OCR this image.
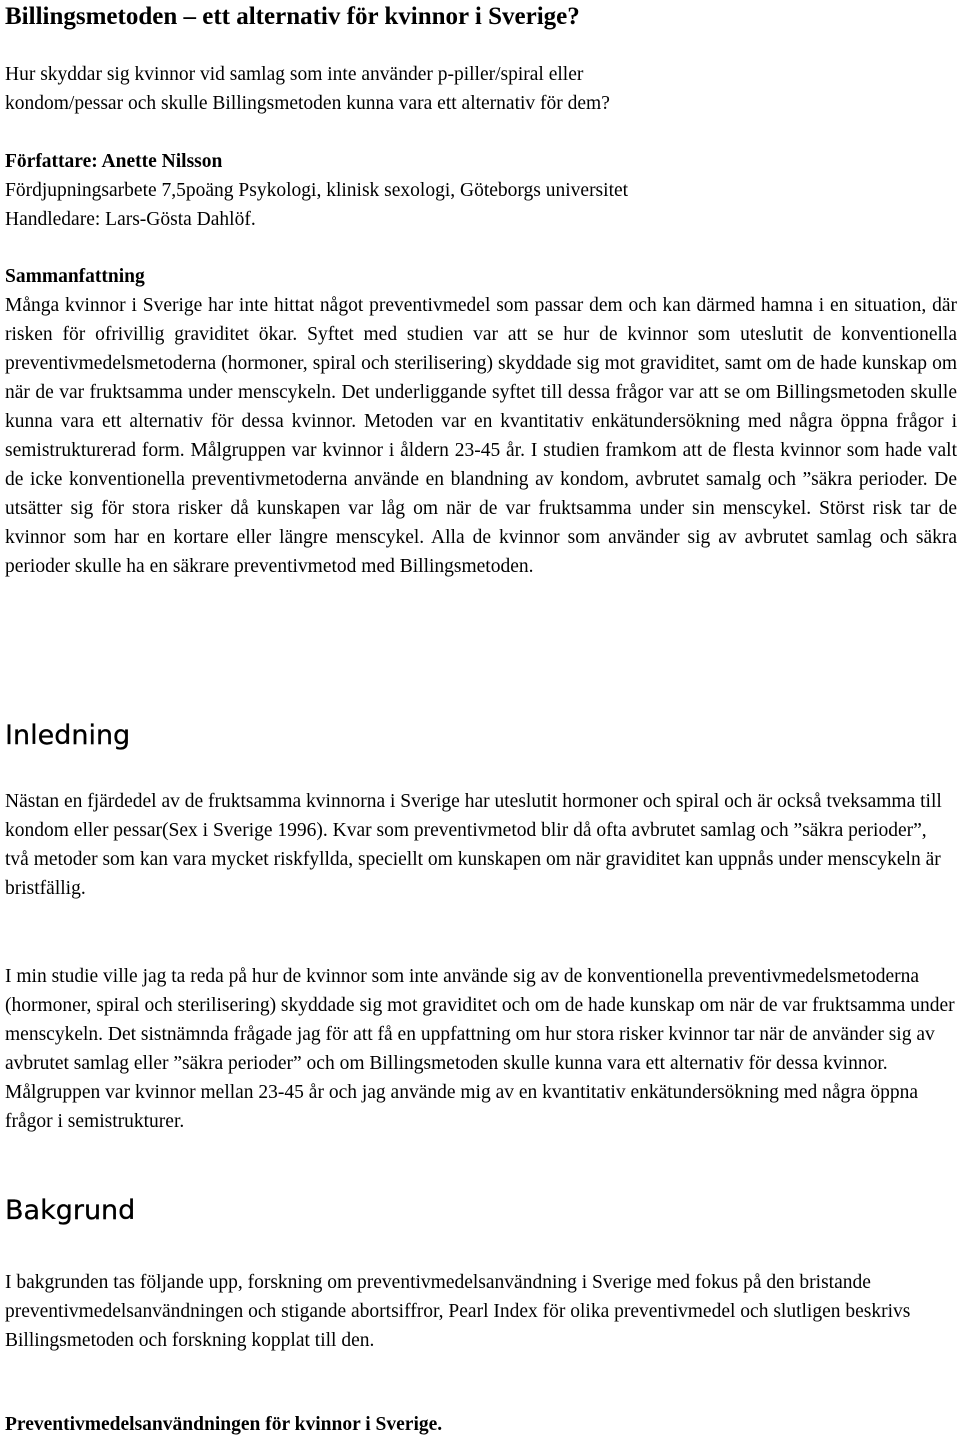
Billingsmetoden – ett alternativ för kvinnor i Sverige?
Hur skyddar sig kvinnor vid samlag som inte använder p-piller/spiral eller
kondom/pessar och skulle Billingsmetoden kunna vara ett alternativ för dem?
Författare: Anette Nilsson
Fördjupningsarbete 7,5poäng Psykologi, klinisk sexologi, Göteborgs universitet
Handledare: Lars-Gösta Dahlöf.
Sammanfattning
Många kvinnor i Sverige har inte hittat något preventivmedel som passar dem och kan därmed hamna i en situation, där risken för ofrivillig graviditet ökar. Syftet med studien var att se hur de kvinnor som uteslutit de konventionella preventivmedelsmetoderna (hormoner, spiral och sterilisering) skyddade sig mot graviditet, samt om de hade kunskap om när de var fruktsamma under menscykeln. Det underliggande syftet till dessa frågor var att se om Billingsmetoden skulle kunna vara ett alternativ för dessa kvinnor. Metoden var en kvantitativ enkätundersökning med några öppna frågor i semistrukturerad form. Målgruppen var kvinnor i åldern 23-45 år. I studien framkom att de flesta kvinnor som hade valt de icke konventionella preventivmetoderna använde en blandning av kondom, avbrutet samalg och ”säkra perioder. De utsätter sig för stora risker då kunskapen var låg om när de var fruktsamma under sin menscykel. Störst risk tar de kvinnor som har en kortare eller längre menscykel. Alla de kvinnor som använder sig av avbrutet samlag och säkra perioder skulle ha en säkrare preventivmetod med Billingsmetoden.
Inledning

Nästan en fjärdedel av de fruktsamma kvinnorna i Sverige har uteslutit hormoner och spiral och är också tveksamma till kondom eller pessar(Sex i Sverige 1996). Kvar som preventivmetod blir då ofta avbrutet samlag och ”säkra perioder”, två metoder som kan vara mycket riskfyllda, speciellt om kunskapen om när graviditet kan uppnås under menscykeln är bristfällig.

I min studie ville jag ta reda på hur de kvinnor som inte använde sig av de konventionella preventivmedelsmetoderna (hormoner, spiral och sterilisering) skyddade sig mot graviditet och om de hade kunskap om när de var fruktsamma under menscykeln. Det sistnämnda frågade jag för att få en uppfattning om hur stora risker kvinnor tar när de använder sig av avbrutet samlag eller ”säkra perioder” och om Billingsmetoden skulle kunna vara ett alternativ för dessa kvinnor. Målgruppen var kvinnor mellan 23-45 år och jag använde mig av en kvantitativ enkätundersökning med några öppna frågor i semistrukturer.

Bakgrund

I bakgrunden tas följande upp, forskning om preventivmedelsanvändning i Sverige med fokus på den bristande preventivmedelsanvändningen och stigande abortsiffror, Pearl Index för olika preventivmedel och slutligen beskrivs Billingsmetoden och forskning kopplat till den.

Preventivmedelsanvändningen för kvinnor i Sverige.
